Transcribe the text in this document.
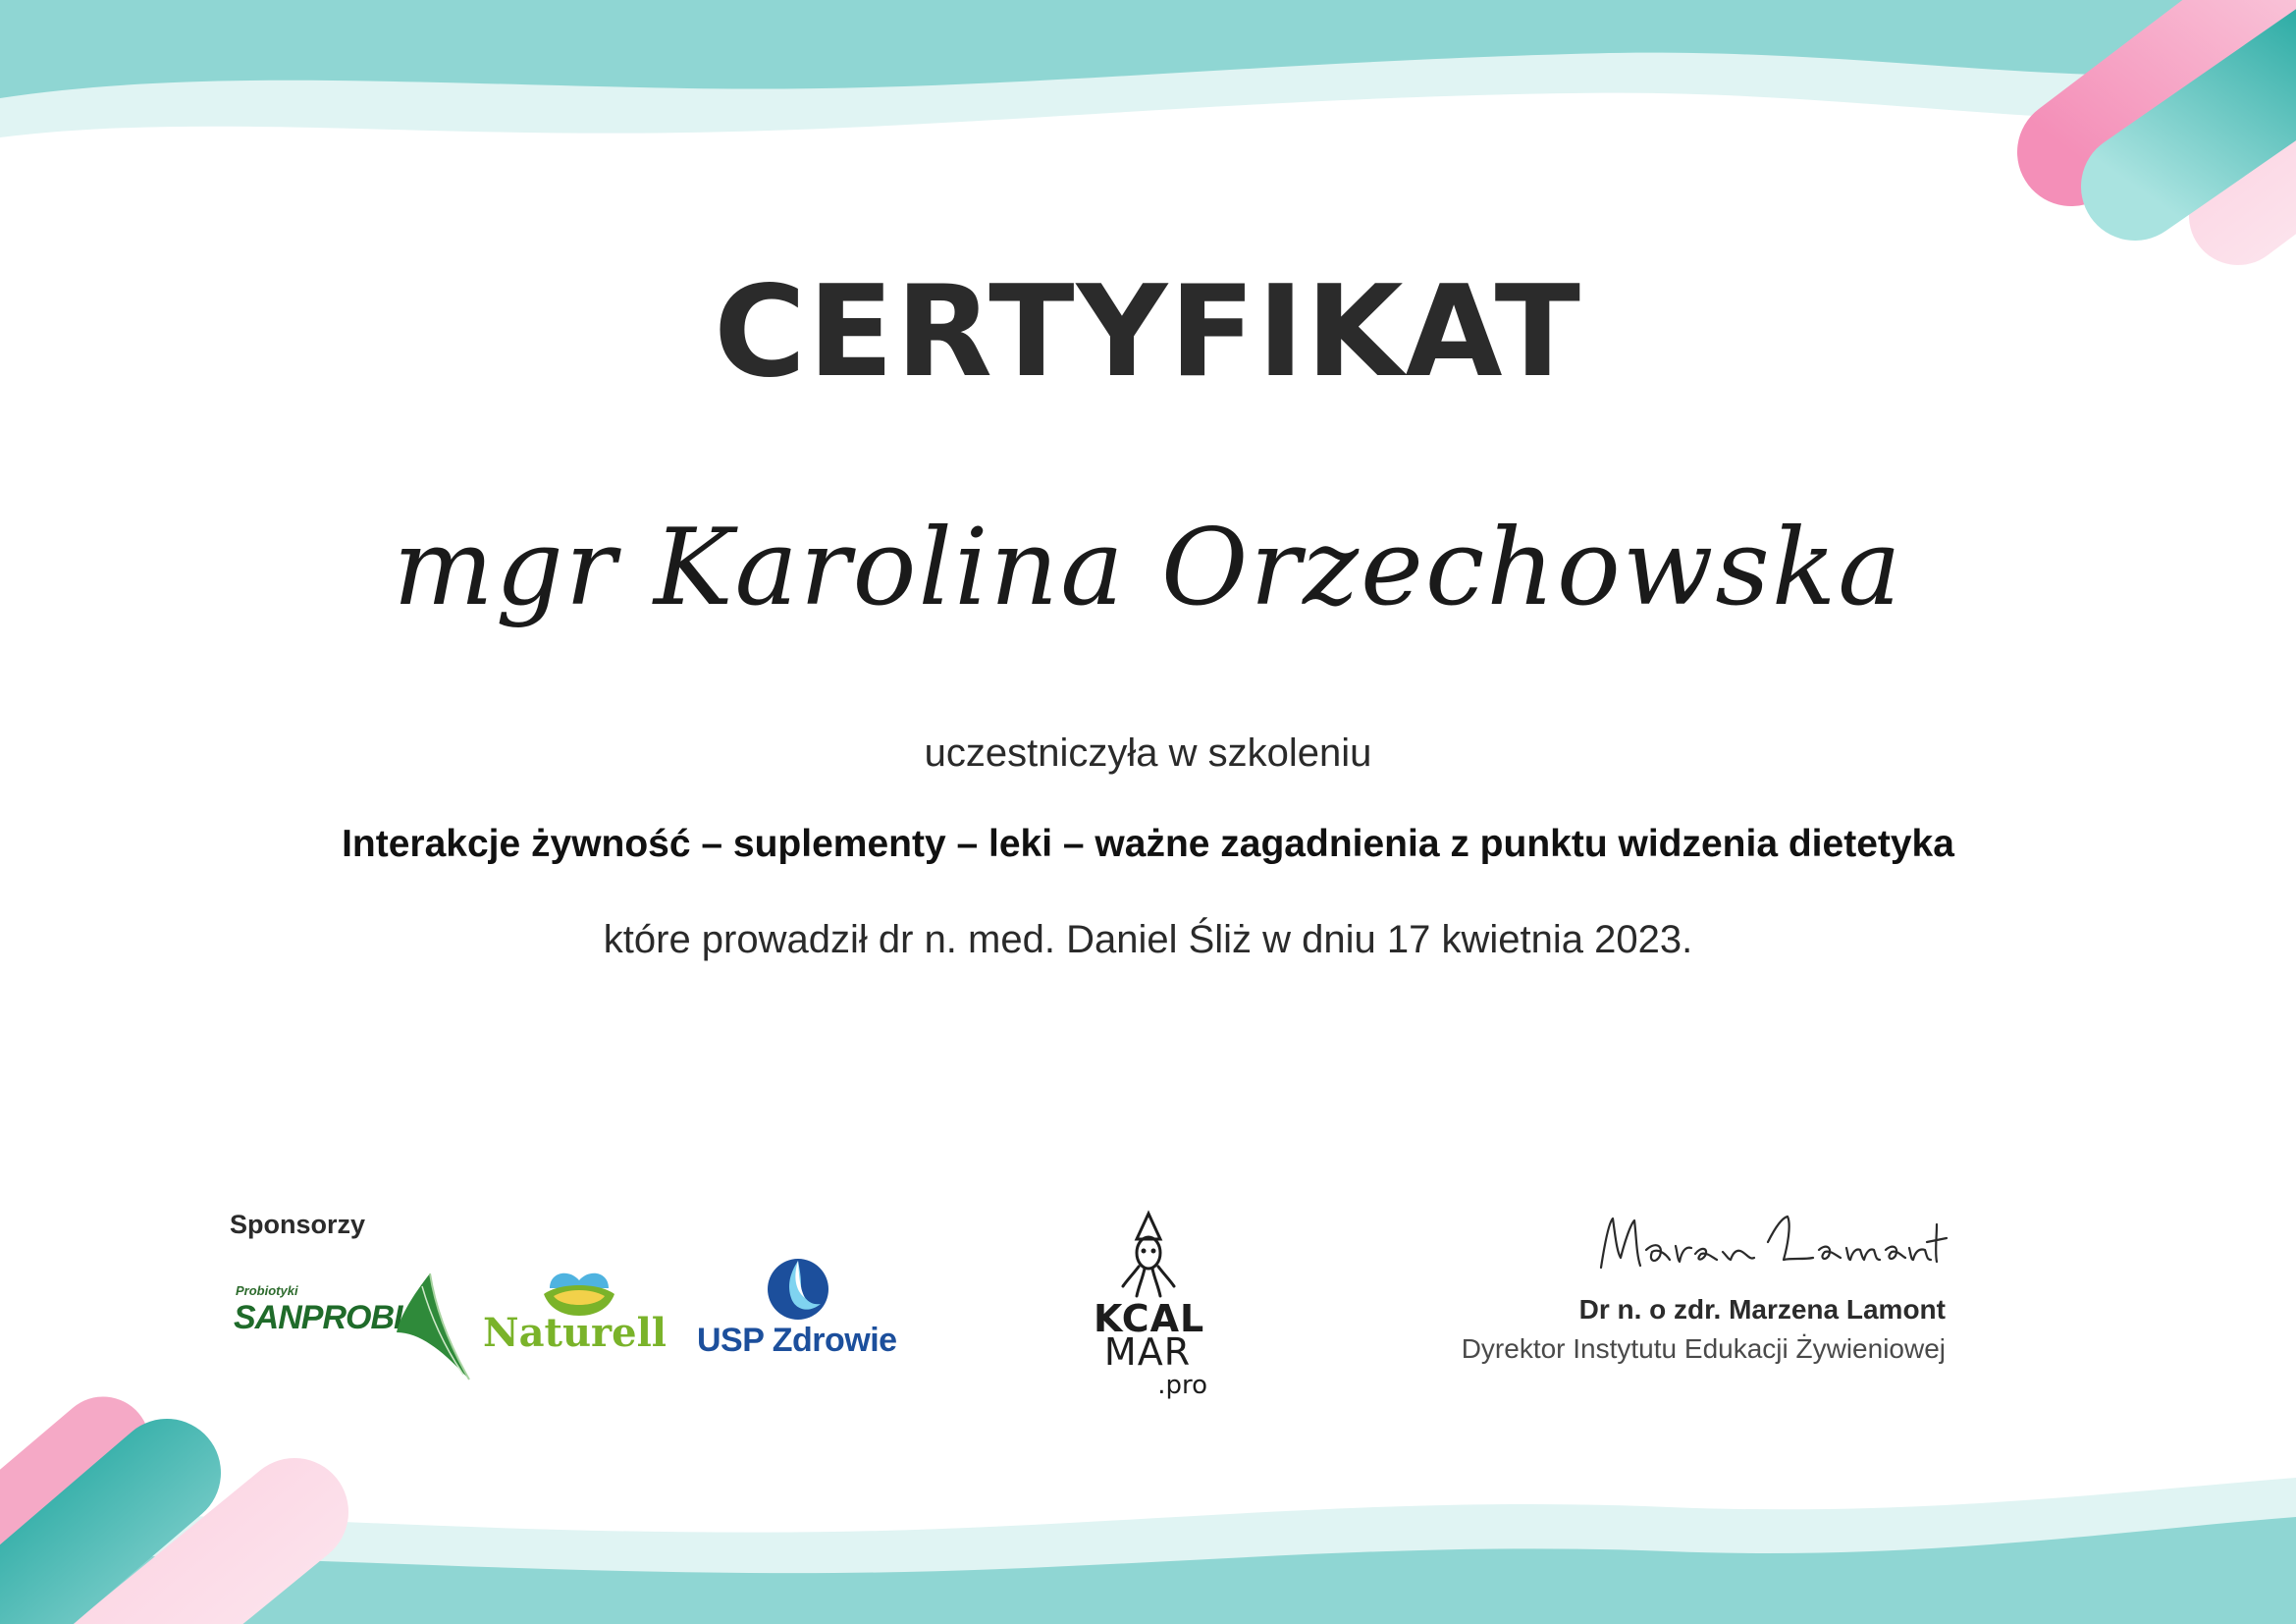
CERTYFIKAT
mgr Karolina Orzechowska
uczestniczyła w szkoleniu
Interakcje żywność – suplementy – leki – ważne zagadnienia z punktu widzenia dietetyka
które prowadził dr n. med. Daniel Śliż w dniu 17 kwietnia 2023.
Sponsorzy
Probiotyki
SANPROBI Naturell USP Zdrowie	KCAL
MAR
.pro
Dr n. o zdr. Marzena Lamont
Dyrektor Instytutu Edukacji Żywieniowej
